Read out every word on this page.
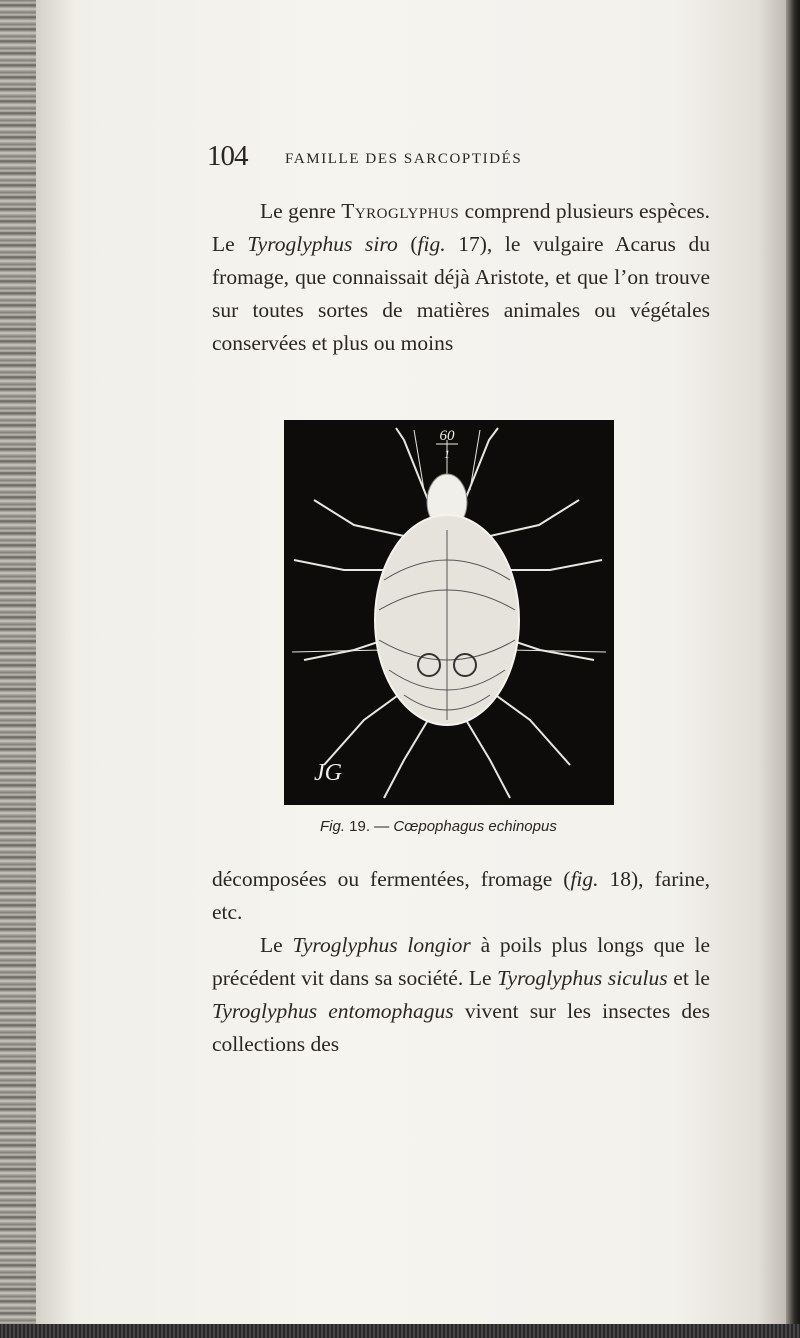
104	FAMILLE DES SARCOPTIDÉS

Le genre Tyroglyphus comprend plusieurs espèces. Le Tyroglyphus siro (fig. 17), le vulgaire Acarus du fromage, que connaissait déjà Aristote, et que l’on trouve sur toutes sortes de matières animales ou végétales conservées et plus ou moins

60
1
JG
Fig. 19. — Cœpophagus echinopus

décomposées ou fermentées, fromage (fig. 18), farine, etc.

Le Tyroglyphus longior à poils plus longs que le précédent vit dans sa société. Le Tyroglyphus siculus et le Tyroglyphus entomophagus vivent sur les insectes des collections des
